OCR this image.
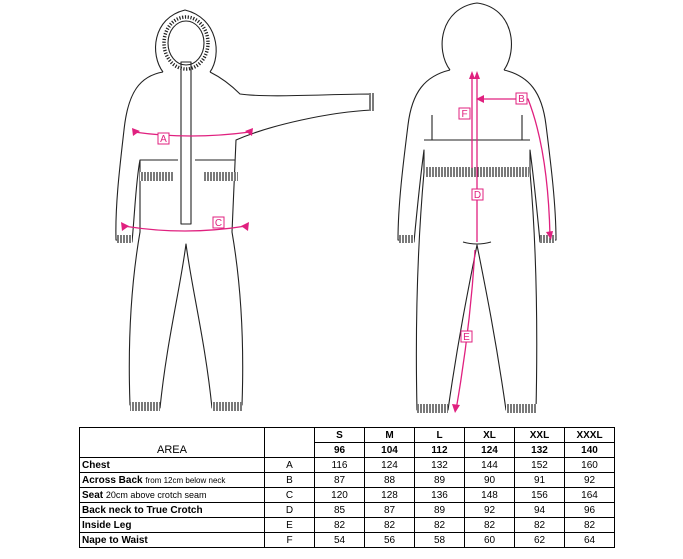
A
C
F
B
D
E
AREA		S	M	L	XL	XXL	XXXL
		96	104	112	124	132	140
Chest	A	116	124	132	144	152	160
Across Back from 12cm below neck	B	87	88	89	90	91	92
Seat 20cm above crotch seam	C	120	128	136	148	156	164
Back neck to True Crotch	D	85	87	89	92	94	96
Inside Leg	E	82	82	82	82	82	82
Nape to Waist	F	54	56	58	60	62	64
